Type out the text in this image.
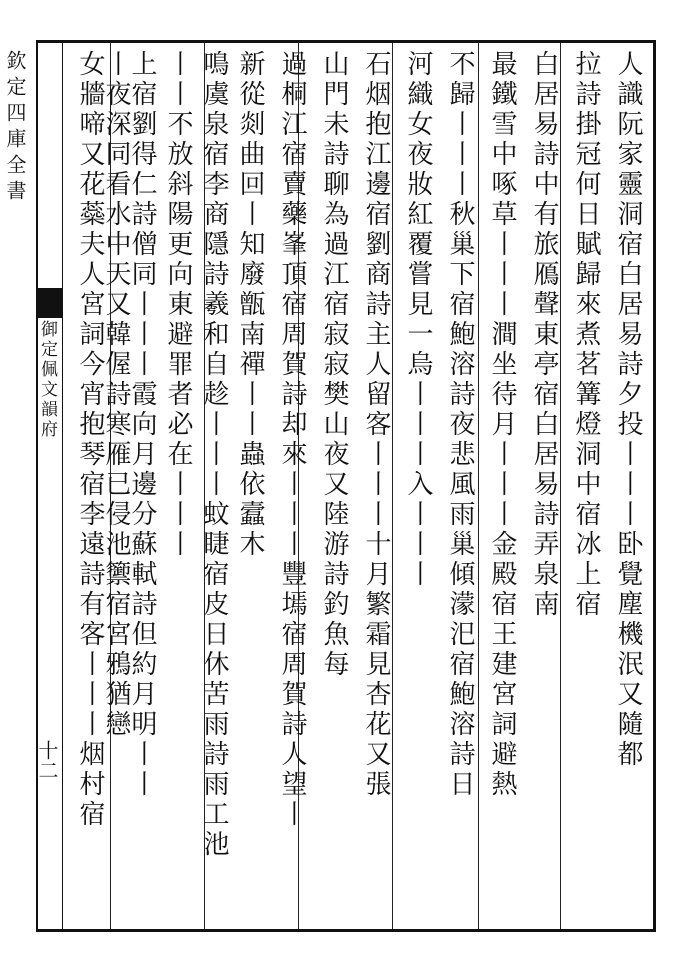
欽定四庫全書
御定佩文韻府
十二	人識阮家靈洞宿白居易詩夕投丨丨丨卧覺塵機泯又隨都
拉詩掛冠何日賦歸來煮茗篝燈洞中宿冰上宿
白居易詩中有旅鴈聲東亭宿白居易詩弄泉南
最鐵雪中啄草丨丨丨澗坐待月丨丨丨金殿宿王建宮詞避熱
不歸丨丨丨秋巢下宿鮑溶詩夜悲風雨巢傾濛汜宿鮑溶詩日
河織女夜妝紅覆嘗見一烏丨丨丨入丨丨丨
石烟抱江邊宿劉商詩主人留客丨丨丨十月繁霜見杏花又張
山門未詩聊為過江宿寂寂樊山夜又陸游詩釣魚每
過桐江宿賣藥峯頂宿周賀詩却來丨丨丨豐墕宿周賀詩人望丨
新從剡曲回丨知廢甑南禪丨丨蟲依蠧木
鳴虞泉宿李商隱詩羲和自趁丨丨丨蚊睫宿皮日休苦雨詩雨工池
丨丨不放斜陽更向東避罪者必在丨丨丨
上宿劉得仁詩僧同丨丨丨霞向月邊分蘇軾詩但約月明丨丨
丨夜深同看水中天又韓偓詩寒雁已侵池籞宿宮鴉猶戀
女牆啼又花蘂夫人宮詞今宵抱琴宿李遠詩有客丨丨丨烟村宿
